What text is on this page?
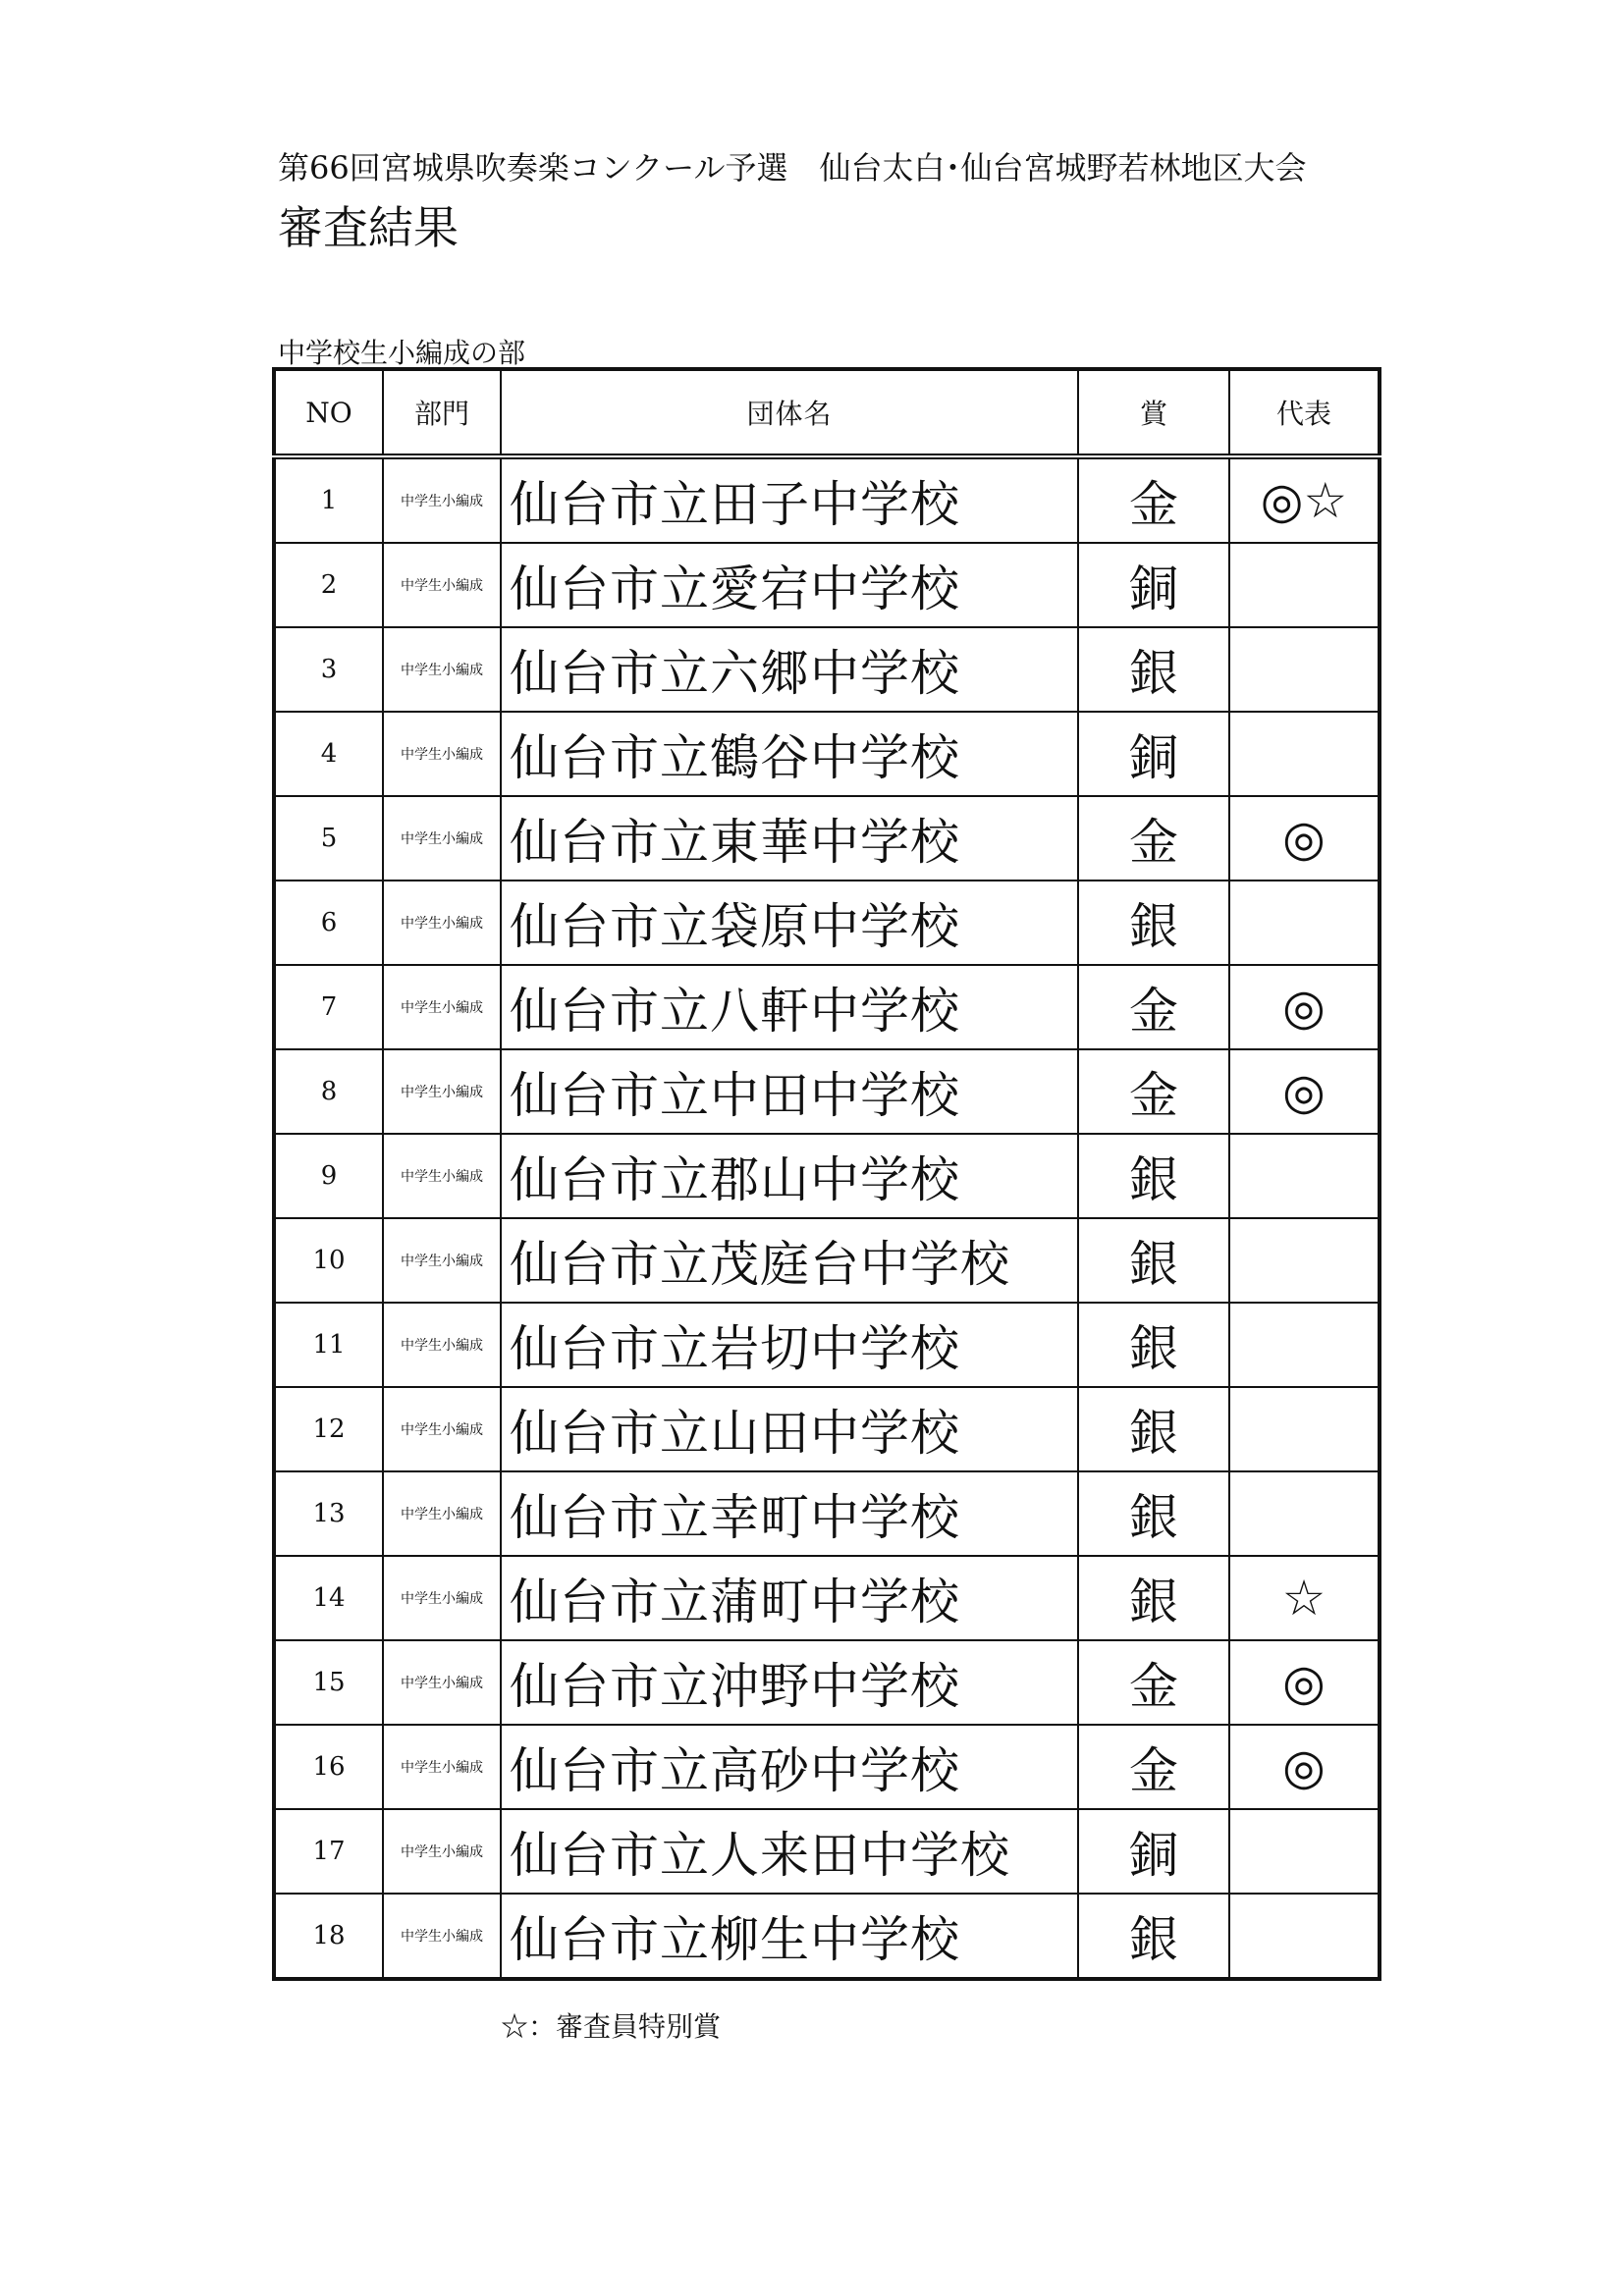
第66回宮城県吹奏楽コンクール予選　仙台太白･仙台宮城野若林地区大会
審査結果
中学校生小編成の部
NO	部門	団体名	賞	代表
1	中学生小編成	仙台市立田子中学校	金	◎☆
2	中学生小編成	仙台市立愛宕中学校	銅	
3	中学生小編成	仙台市立六郷中学校	銀	
4	中学生小編成	仙台市立鶴谷中学校	銅	
5	中学生小編成	仙台市立東華中学校	金	◎
6	中学生小編成	仙台市立袋原中学校	銀	
7	中学生小編成	仙台市立八軒中学校	金	◎
8	中学生小編成	仙台市立中田中学校	金	◎
9	中学生小編成	仙台市立郡山中学校	銀	
10	中学生小編成	仙台市立茂庭台中学校	銀	
11	中学生小編成	仙台市立岩切中学校	銀	
12	中学生小編成	仙台市立山田中学校	銀	
13	中学生小編成	仙台市立幸町中学校	銀	
14	中学生小編成	仙台市立蒲町中学校	銀	☆
15	中学生小編成	仙台市立沖野中学校	金	◎
16	中学生小編成	仙台市立高砂中学校	金	◎
17	中学生小編成	仙台市立人来田中学校	銅	
18	中学生小編成	仙台市立柳生中学校	銀	
☆：審査員特別賞
